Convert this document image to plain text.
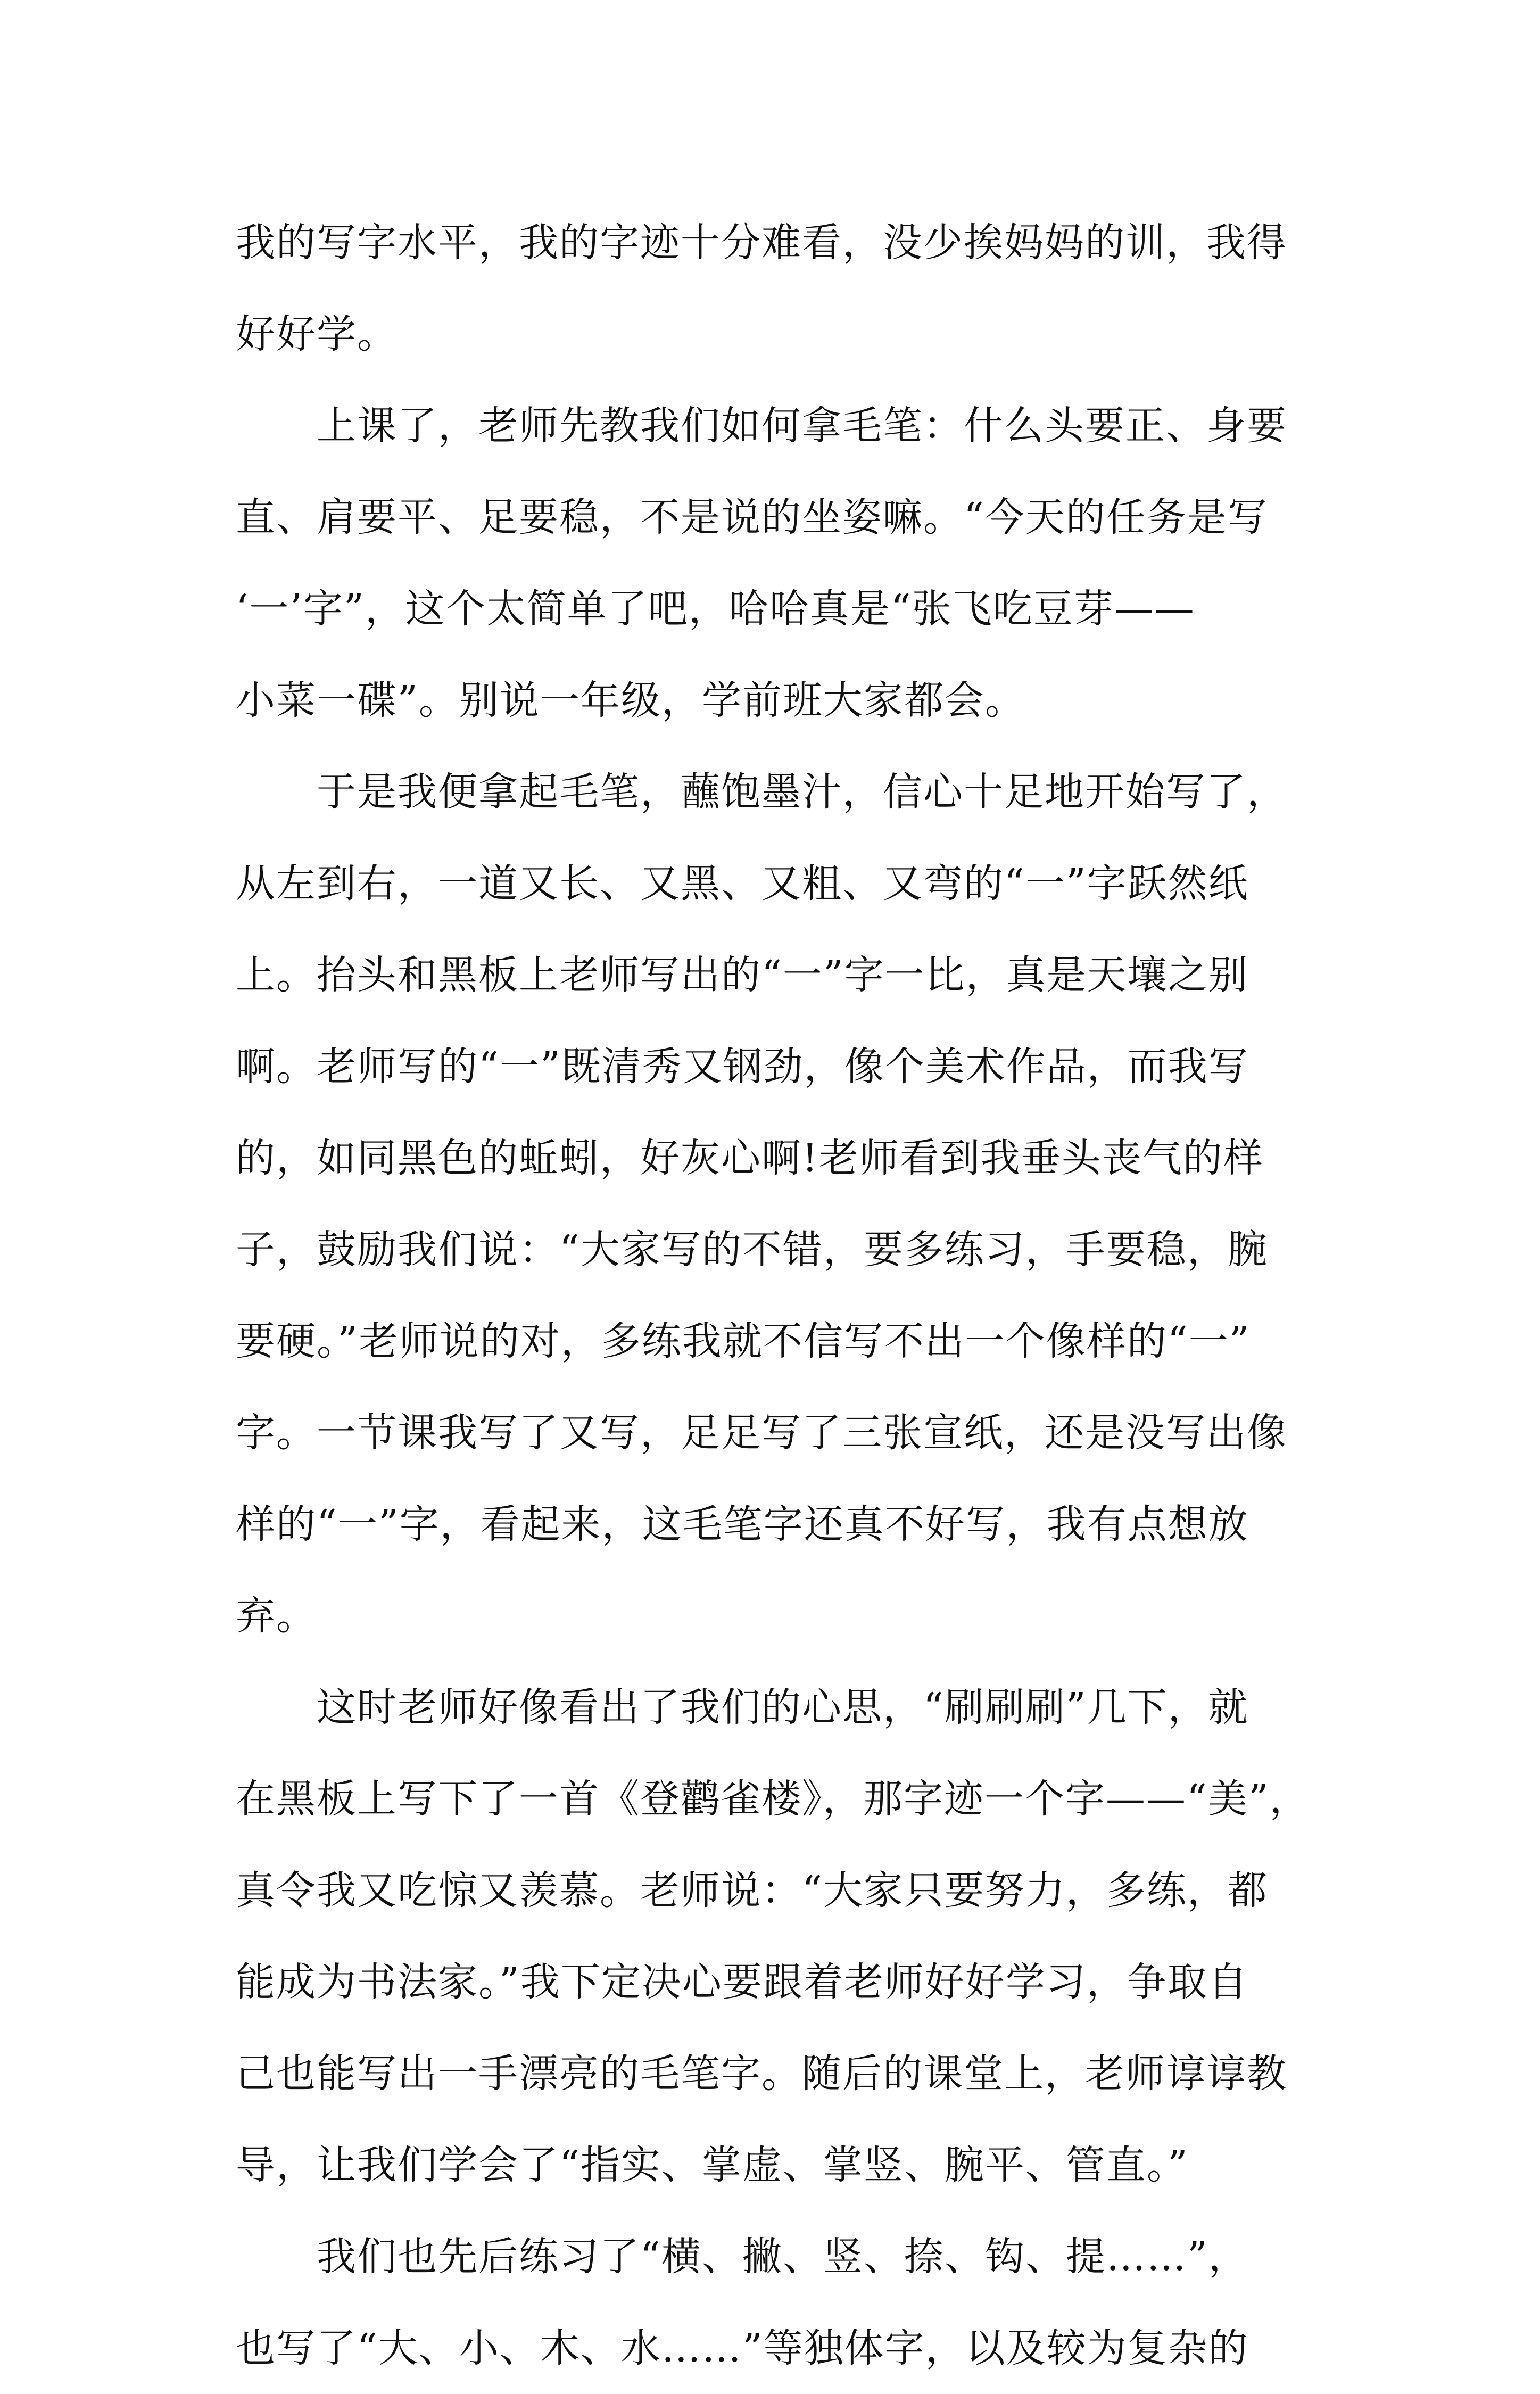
我的写字水平，我的字迹十分难看，没少挨妈妈的训，我得
好好学。
　　上课了，老师先教我们如何拿毛笔：什么头要正、身要
直、肩要平、足要稳，不是说的坐姿嘛。“今天的任务是写
‘一’字”，这个太简单了吧，哈哈真是“张飞吃豆芽——
小菜一碟”。别说一年级，学前班大家都会。
　　于是我便拿起毛笔，蘸饱墨汁，信心十足地开始写了，
从左到右，一道又长、又黑、又粗、又弯的“一”字跃然纸
上。抬头和黑板上老师写出的“一”字一比，真是天壤之别
啊。老师写的“一”既清秀又钢劲，像个美术作品，而我写
的，如同黑色的蚯蚓，好灰心啊!老师看到我垂头丧气的样
子，鼓励我们说：“大家写的不错，要多练习，手要稳，腕
要硬。”老师说的对，多练我就不信写不出一个像样的“一”
字。一节课我写了又写，足足写了三张宣纸，还是没写出像
样的“一”字，看起来，这毛笔字还真不好写，我有点想放
弃。
　　这时老师好像看出了我们的心思，“刷刷刷”几下，就
在黑板上写下了一首《登鹳雀楼》，那字迹一个字——“美”，
真令我又吃惊又羡慕。老师说：“大家只要努力，多练，都
能成为书法家。”我下定决心要跟着老师好好学习，争取自
己也能写出一手漂亮的毛笔字。随后的课堂上，老师谆谆教
导，让我们学会了“指实、掌虚、掌竖、腕平、管直。”
　　我们也先后练习了“横、撇、竖、捺、钩、提……”，
也写了“大、小、木、水……”等独体字，以及较为复杂的
